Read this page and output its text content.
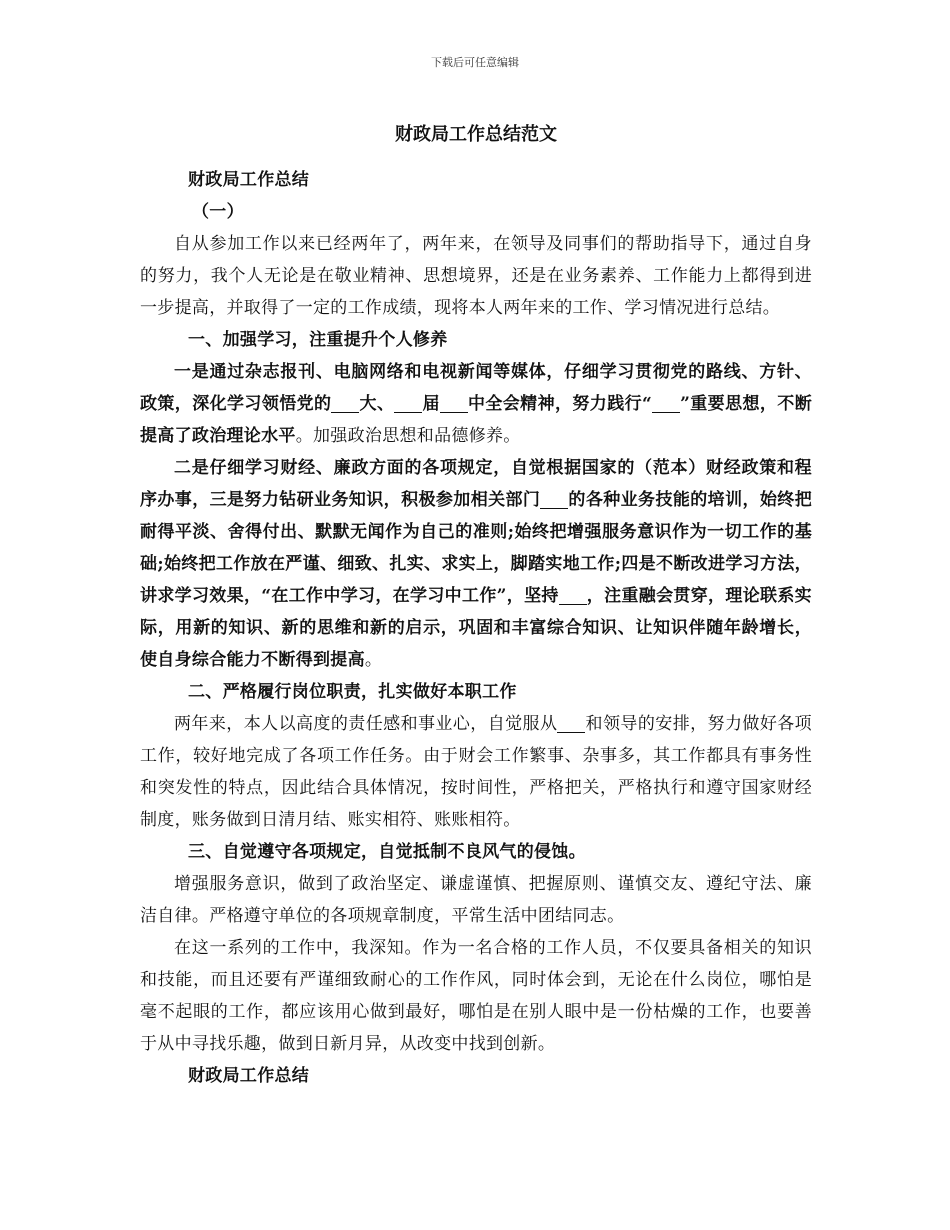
下载后可任意编辑
财政局工作总结范文

财政局工作总结

（一）

自从参加工作以来已经两年了，两年来，在领导及同事们的帮助指导下，通过自身的努力，我个人无论是在敬业精神、思想境界，还是在业务素养、工作能力上都得到进一步提高，并取得了一定的工作成绩，现将本人两年来的工作、学习情况进行总结。

一、加强学习，注重提升个人修养

一是通过杂志报刊、电脑网络和电视新闻等媒体，仔细学习贯彻党的路线、方针、政策，深化学习领悟党的 大、 届 中全会精神，努力践行“ ”重要思想，不断提高了政治理论水平。加强政治思想和品德修养。

二是仔细学习财经、廉政方面的各项规定，自觉根据国家的（范本）财经政策和程序办事，三是努力钻研业务知识，积极参加相关部门 的各种业务技能的培训，始终把耐得平淡、舍得付出、默默无闻作为自己的准则;始终把增强服务意识作为一切工作的基础;始终把工作放在严谨、细致、扎实、求实上，脚踏实地工作;四是不断改进学习方法，讲求学习效果，“在工作中学习，在学习中工作”，坚持 ，注重融会贯穿，理论联系实际，用新的知识、新的思维和新的启示，巩固和丰富综合知识、让知识伴随年龄增长，使自身综合能力不断得到提高。

二、严格履行岗位职责，扎实做好本职工作

两年来，本人以高度的责任感和事业心，自觉服从 和领导的安排，努力做好各项工作，较好地完成了各项工作任务。由于财会工作繁事、杂事多，其工作都具有事务性和突发性的特点，因此结合具体情况，按时间性，严格把关，严格执行和遵守国家财经制度，账务做到日清月结、账实相符、账账相符。

三、自觉遵守各项规定，自觉抵制不良风气的侵蚀。

增强服务意识，做到了政治坚定、谦虚谨慎、把握原则、谨慎交友、遵纪守法、廉洁自律。严格遵守单位的各项规章制度，平常生活中团结同志。

在这一系列的工作中，我深知。作为一名合格的工作人员，不仅要具备相关的知识和技能，而且还要有严谨细致耐心的工作作风，同时体会到，无论在什么岗位，哪怕是毫不起眼的工作，都应该用心做到最好，哪怕是在别人眼中是一份枯燥的工作，也要善于从中寻找乐趣，做到日新月异，从改变中找到创新。

财政局工作总结
